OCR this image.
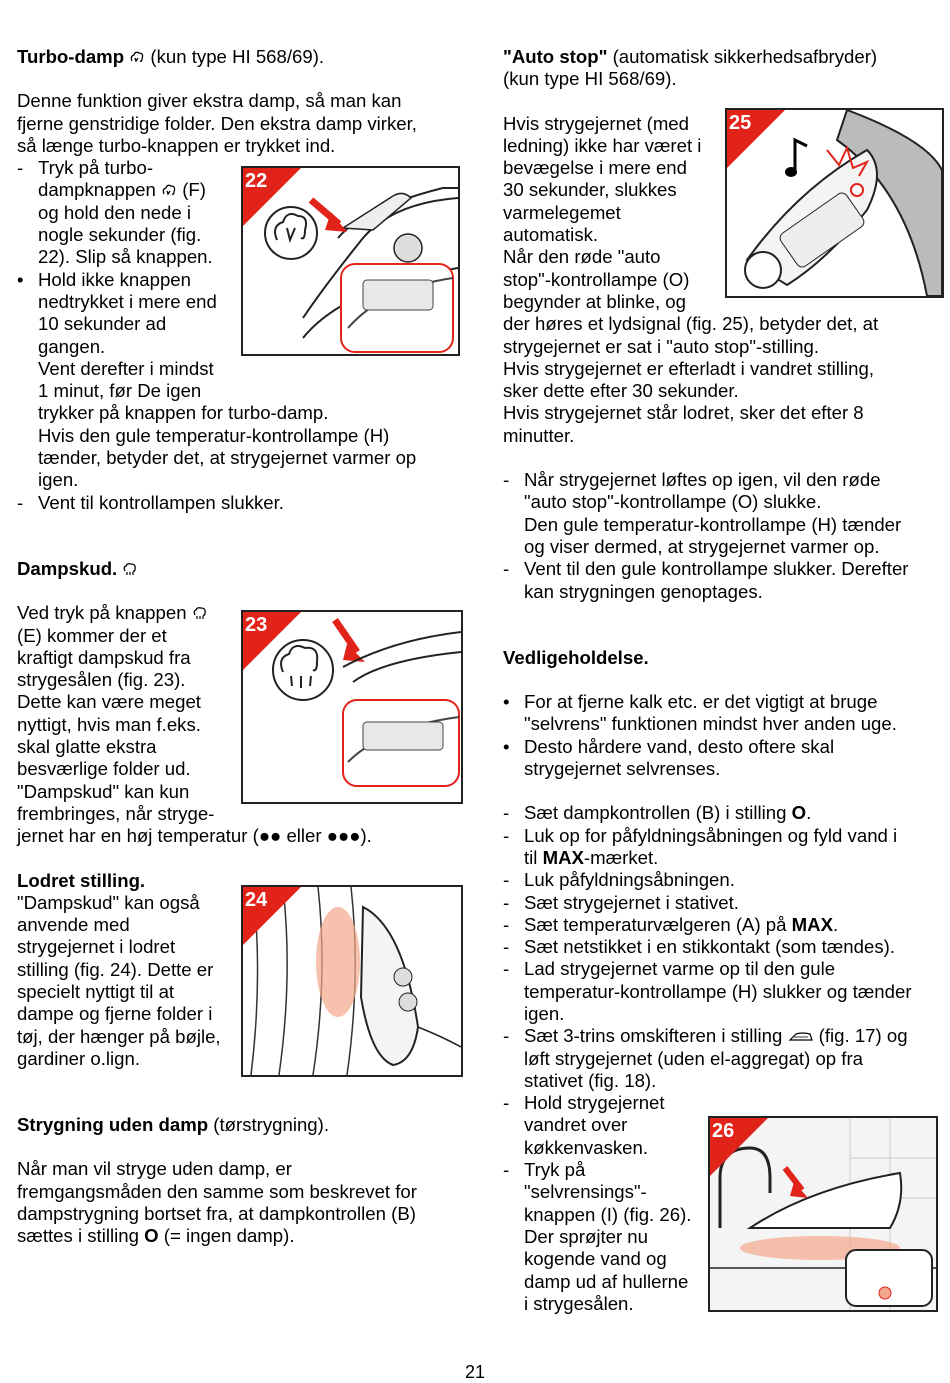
Turbo-damp (kun type HI 568/69).

Denne funktion giver ekstra damp, så man kan

fjerne genstridige folder. Den ekstra damp virker,

så længe turbo-knappen er trykket ind.

- Tryk på turbo-

dampknappen (F)

og hold den nede i

nogle sekunder (fig.

22). Slip så knappen.

• Hold ikke knappen

nedtrykket i mere end

10 sekunder ad

gangen.

Vent derefter i mindst

1 minut, før De igen

trykker på knappen for turbo-damp.

Hvis den gule temperatur-kontrollampe (H)

tænder, betyder det, at strygejernet varmer op

igen.

- Vent til kontrollampen slukker.

Dampskud.

Ved tryk på knappen

(E) kommer der et

kraftigt dampskud fra

strygesålen (fig. 23).

Dette kan være meget

nyttigt, hvis man f.eks.

skal glatte ekstra

besværlige folder ud.

"Dampskud" kan kun

frembringes, når stryge-

jernet har en høj temperatur (●● eller ●●●).

Lodret stilling.

"Dampskud" kan også

anvende med

strygejernet i lodret

stilling (fig. 24). Dette er

specielt nyttigt til at

dampe og fjerne folder i

tøj, der hænger på bøjle,

gardiner o.lign.

Strygning uden damp (tørstrygning).

Når man vil stryge uden damp, er

fremgangsmåden den samme som beskrevet for

dampstrygning bortset fra, at dampkontrollen (B)

sættes i stilling O (= ingen damp).

"Auto stop" (automatisk sikkerhedsafbryder)

(kun type HI 568/69).

Hvis strygejernet (med

ledning) ikke har været i

bevægelse i mere end

30 sekunder, slukkes

varmelegemet

automatisk.

Når den røde "auto

stop"-kontrollampe (O)

begynder at blinke, og

der høres et lydsignal (fig. 25), betyder det, at

strygejernet er sat i "auto stop"-stilling.

Hvis strygejernet er efterladt i vandret stilling,

sker dette efter 30 sekunder.

Hvis strygejernet står lodret, sker det efter 8

minutter.

- Når strygejernet løftes op igen, vil den røde

"auto stop"-kontrollampe (O) slukke.

Den gule temperatur-kontrollampe (H) tænder

og viser dermed, at strygejernet varmer op.

- Vent til den gule kontrollampe slukker. Derefter

kan strygningen genoptages.

Vedligeholdelse.

• For at fjerne kalk etc. er det vigtigt at bruge

"selvrens" funktionen mindst hver anden uge.

• Desto hårdere vand, desto oftere skal

strygejernet selvrenses.

- Sæt dampkontrollen (B) i stilling O.

- Luk op for påfyldningsåbningen og fyld vand i

til MAX-mærket.

- Luk påfyldningsåbningen.

- Sæt strygejernet i stativet.

- Sæt temperaturvælgeren (A) på MAX.

- Sæt netstikket i en stikkontakt (som tændes).

- Lad strygejernet varme op til den gule

temperatur-kontrollampe (H) slukker og tænder

igen.

- Sæt 3-trins omskifteren i stilling (fig. 17) og

løft strygejernet (uden el-aggregat) op fra

stativet (fig. 18).

- Hold strygejernet

vandret over

køkkenvasken.

- Tryk på

"selvrensings"-

knappen (I) (fig. 26).

Der sprøjter nu

kogende vand og

damp ud af hullerne

i strygesålen.

22
23
24
25
26
21
